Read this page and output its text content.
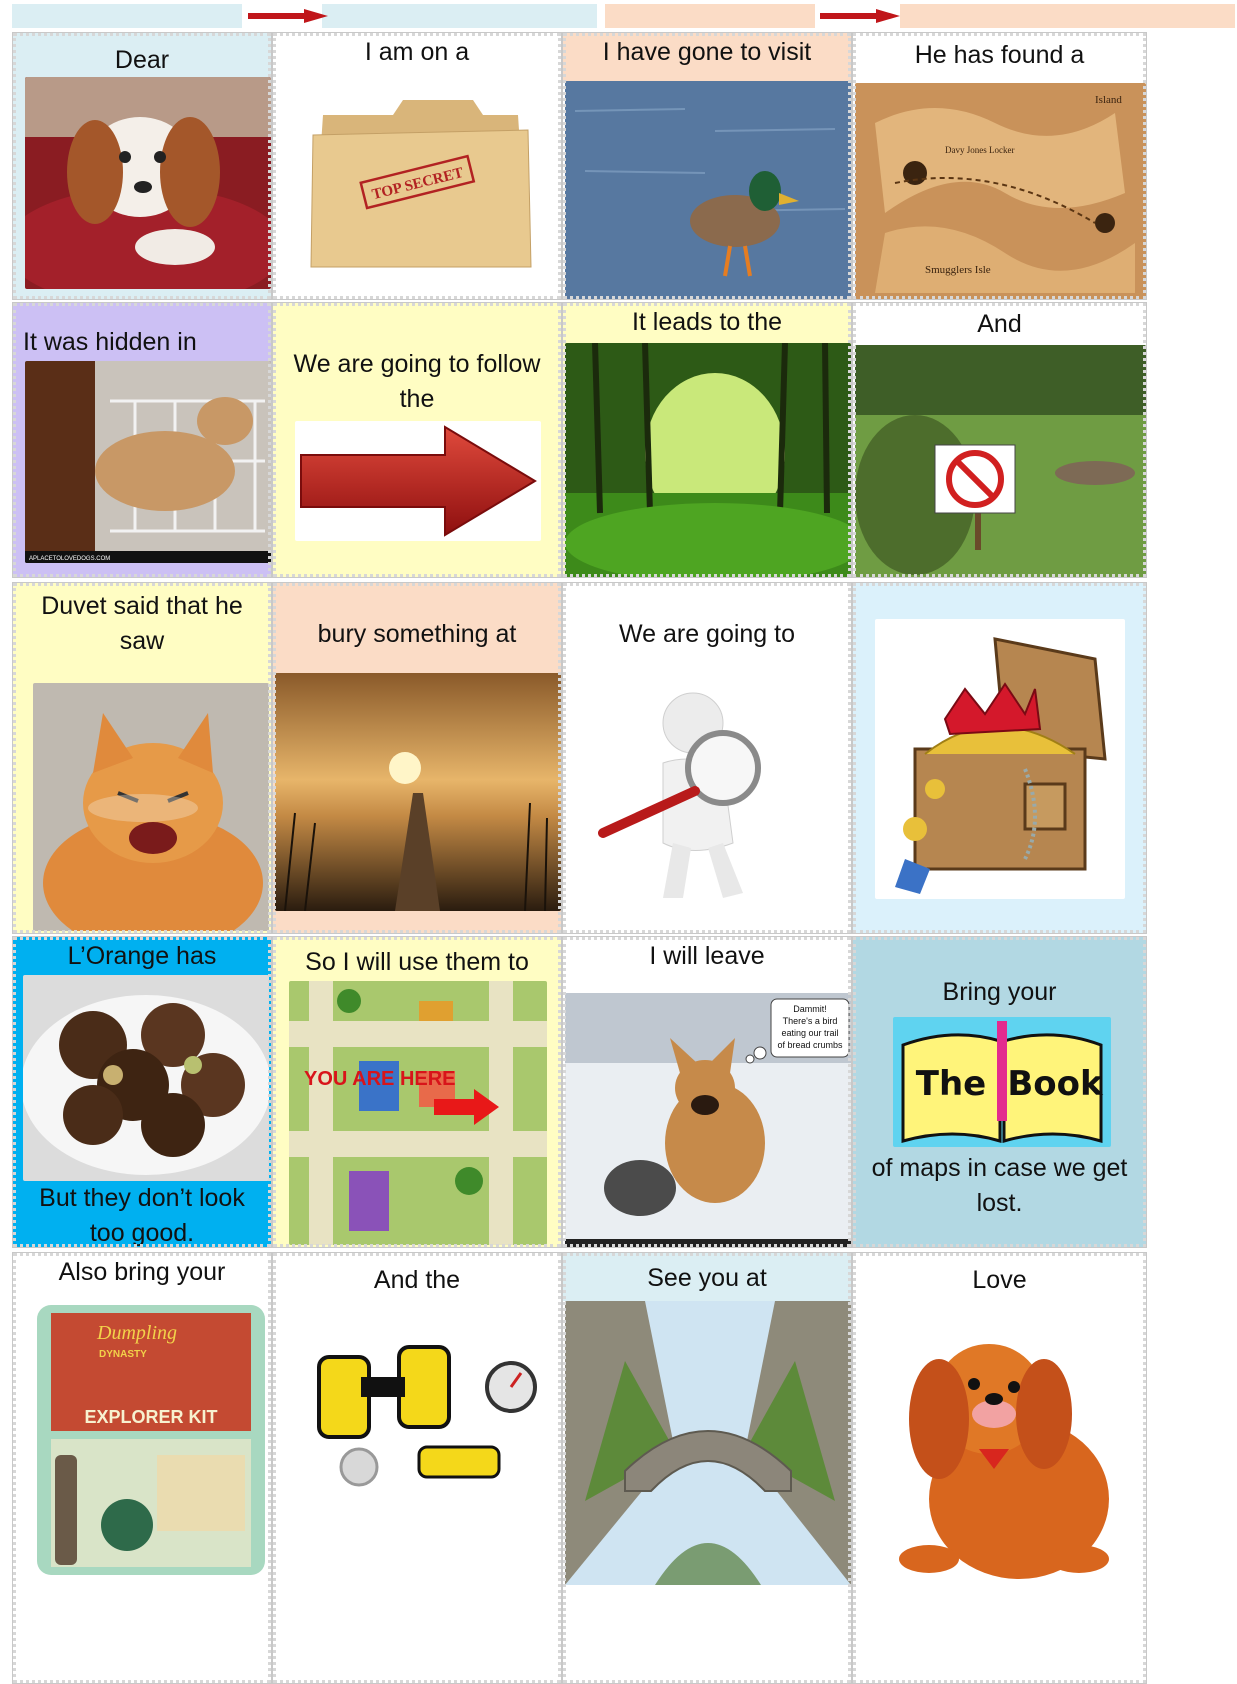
Dear	I am on a

TOP SECRET

I have gone to visit	He has found a

Island
Davy Jones Locker
Smugglers Isle

It was hidden in

APLACETOLOVEDOGS.COM

We are going to follow the

It leads to the	And

Duvet said that he saw	bury something at	We are going to

L’Orange has

But they don’t look too good.

So I will use them to

YOU ARE HERE

I will leave

Dammit!
There's a bird
eating our trail
of bread crumbs

Bring your

The Book

of maps in case we get lost.

Also bring your

Dumpling
DYNASTY
EXPLORER KIT

And the	See you at	Love
